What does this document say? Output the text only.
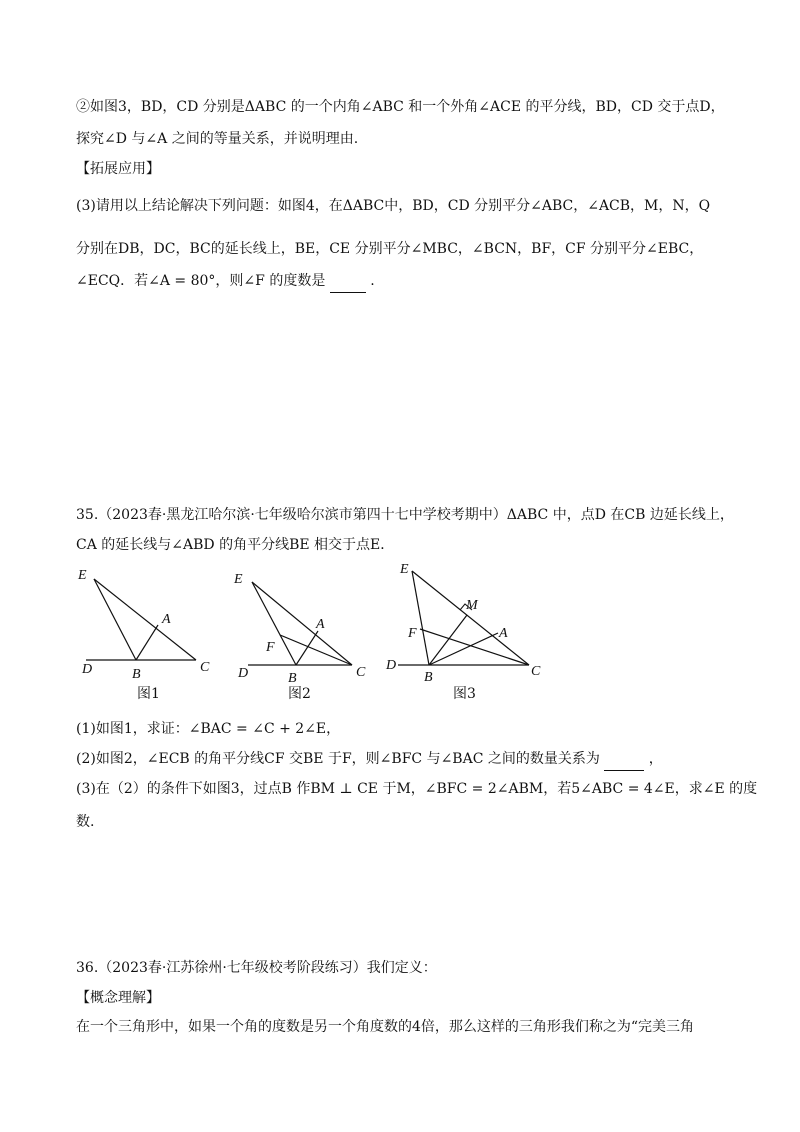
②如图3，BD，CD 分别是ΔABC 的一个内角∠ABC 和一个外角∠ACE 的平分线，BD，CD 交于点D，
探究∠D 与∠A 之间的等量关系，并说明理由.
【拓展应用】
(3)请用以上结论解决下列问题：如图4，在ΔABC中，BD，CD 分别平分∠ABC，∠ACB，M，N，Q
分别在DB，DC，BC的延长线上，BE，CE 分别平分∠MBC，∠BCN，BF，CF 分别平分∠EBC，
∠ECQ．若∠A = 80°，则∠F 的度数是	.
35.（2023春·黑龙江哈尔滨·七年级哈尔滨市第四十七中学校考期中）ΔABC 中，点D 在CB 边延长线上，
CA 的延长线与∠ABD 的角平分线BE 相交于点E．
E
A
D	B	C
图1
E
A
F
D	B	C
图2
E
M
F	A
D
B	C
图3
(1)如图1，求证：∠BAC = ∠C + 2∠E，
(2)如图2，∠ECB 的角平分线CF 交BE 于F，则∠BFC 与∠BAC 之间的数量关系为	，
(3)在（2）的条件下如图3，过点B 作BM ⊥ CE 于M，∠BFC = 2∠ABM，若5∠ABC = 4∠E，求∠E 的度
数.
36.（2023春·江苏徐州·七年级校考阶段练习）我们定义：
【概念理解】
在一个三角形中，如果一个角的度数是另一个角度数的4倍，那么这样的三角形我们称之为“完美三角
